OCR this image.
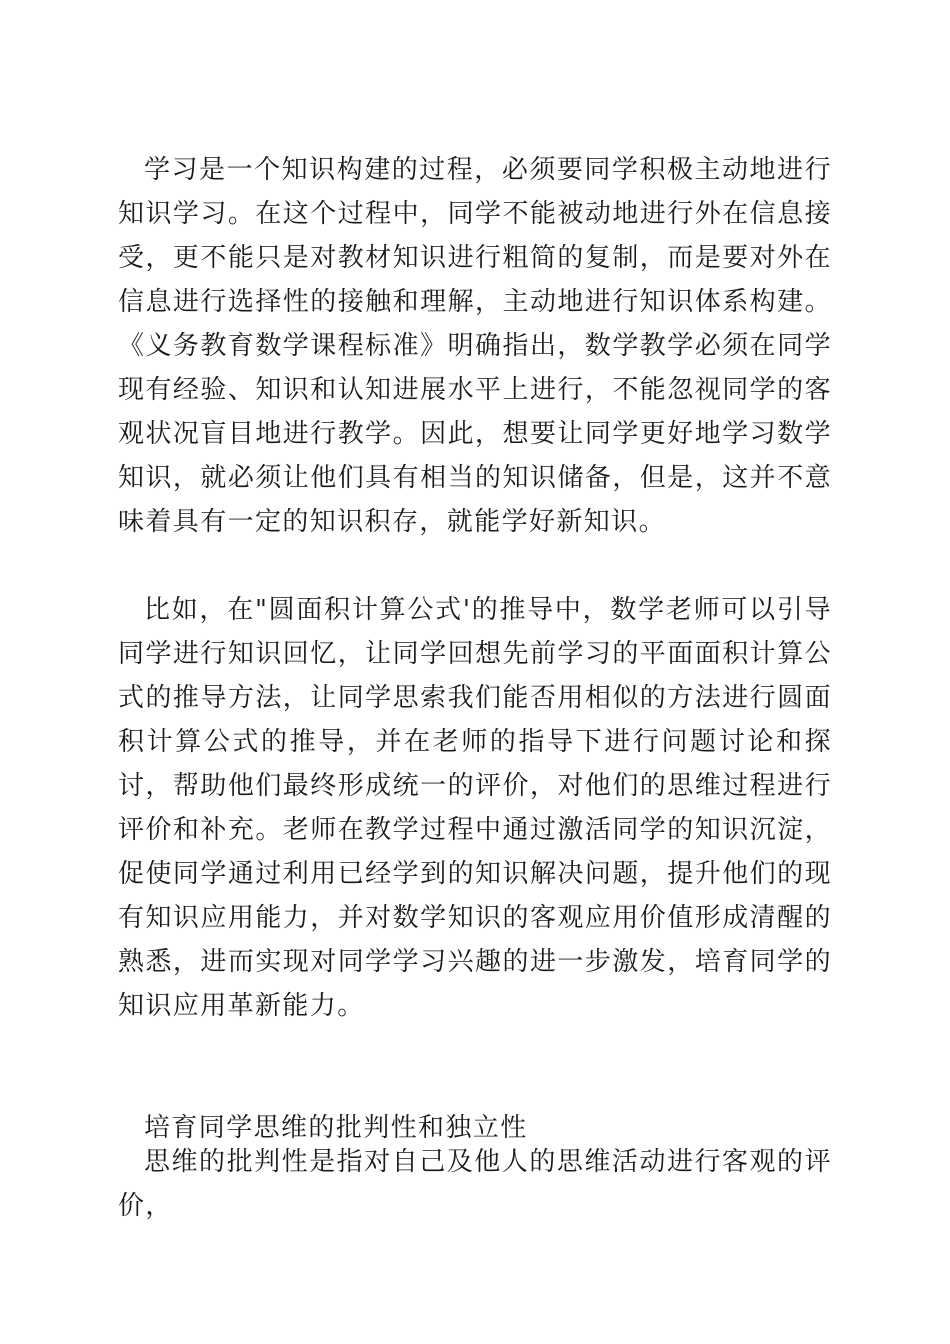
学习是一个知识构建的过程，必须要同学积极主动地进行知识学习。在这个过程中，同学不能被动地进行外在信息接受，更不能只是对教材知识进行粗简的复制，而是要对外在信息进行选择性的接触和理解，主动地进行知识体系构建。《义务教育数学课程标准》明确指出，数学教学必须在同学现有经验、知识和认知进展水平上进行，不能忽视同学的客观状况盲目地进行教学。因此，想要让同学更好地学习数学知识，就必须让他们具有相当的知识储备，但是，这并不意味着具有一定的知识积存，就能学好新知识。

比如，在"圆面积计算公式'的推导中，数学老师可以引导同学进行知识回忆，让同学回想先前学习的平面面积计算公式的推导方法，让同学思索我们能否用相似的方法进行圆面积计算公式的推导，并在老师的指导下进行问题讨论和探讨，帮助他们最终形成统一的评价，对他们的思维过程进行评价和补充。老师在教学过程中通过激活同学的知识沉淀，促使同学通过利用已经学到的知识解决问题，提升他们的现有知识应用能力，并对数学知识的客观应用价值形成清醒的熟悉，进而实现对同学学习兴趣的进一步激发，培育同学的知识应用革新能力。

培育同学思维的批判性和独立性

思维的批判性是指对自己及他人的思维活动进行客观的评价，
